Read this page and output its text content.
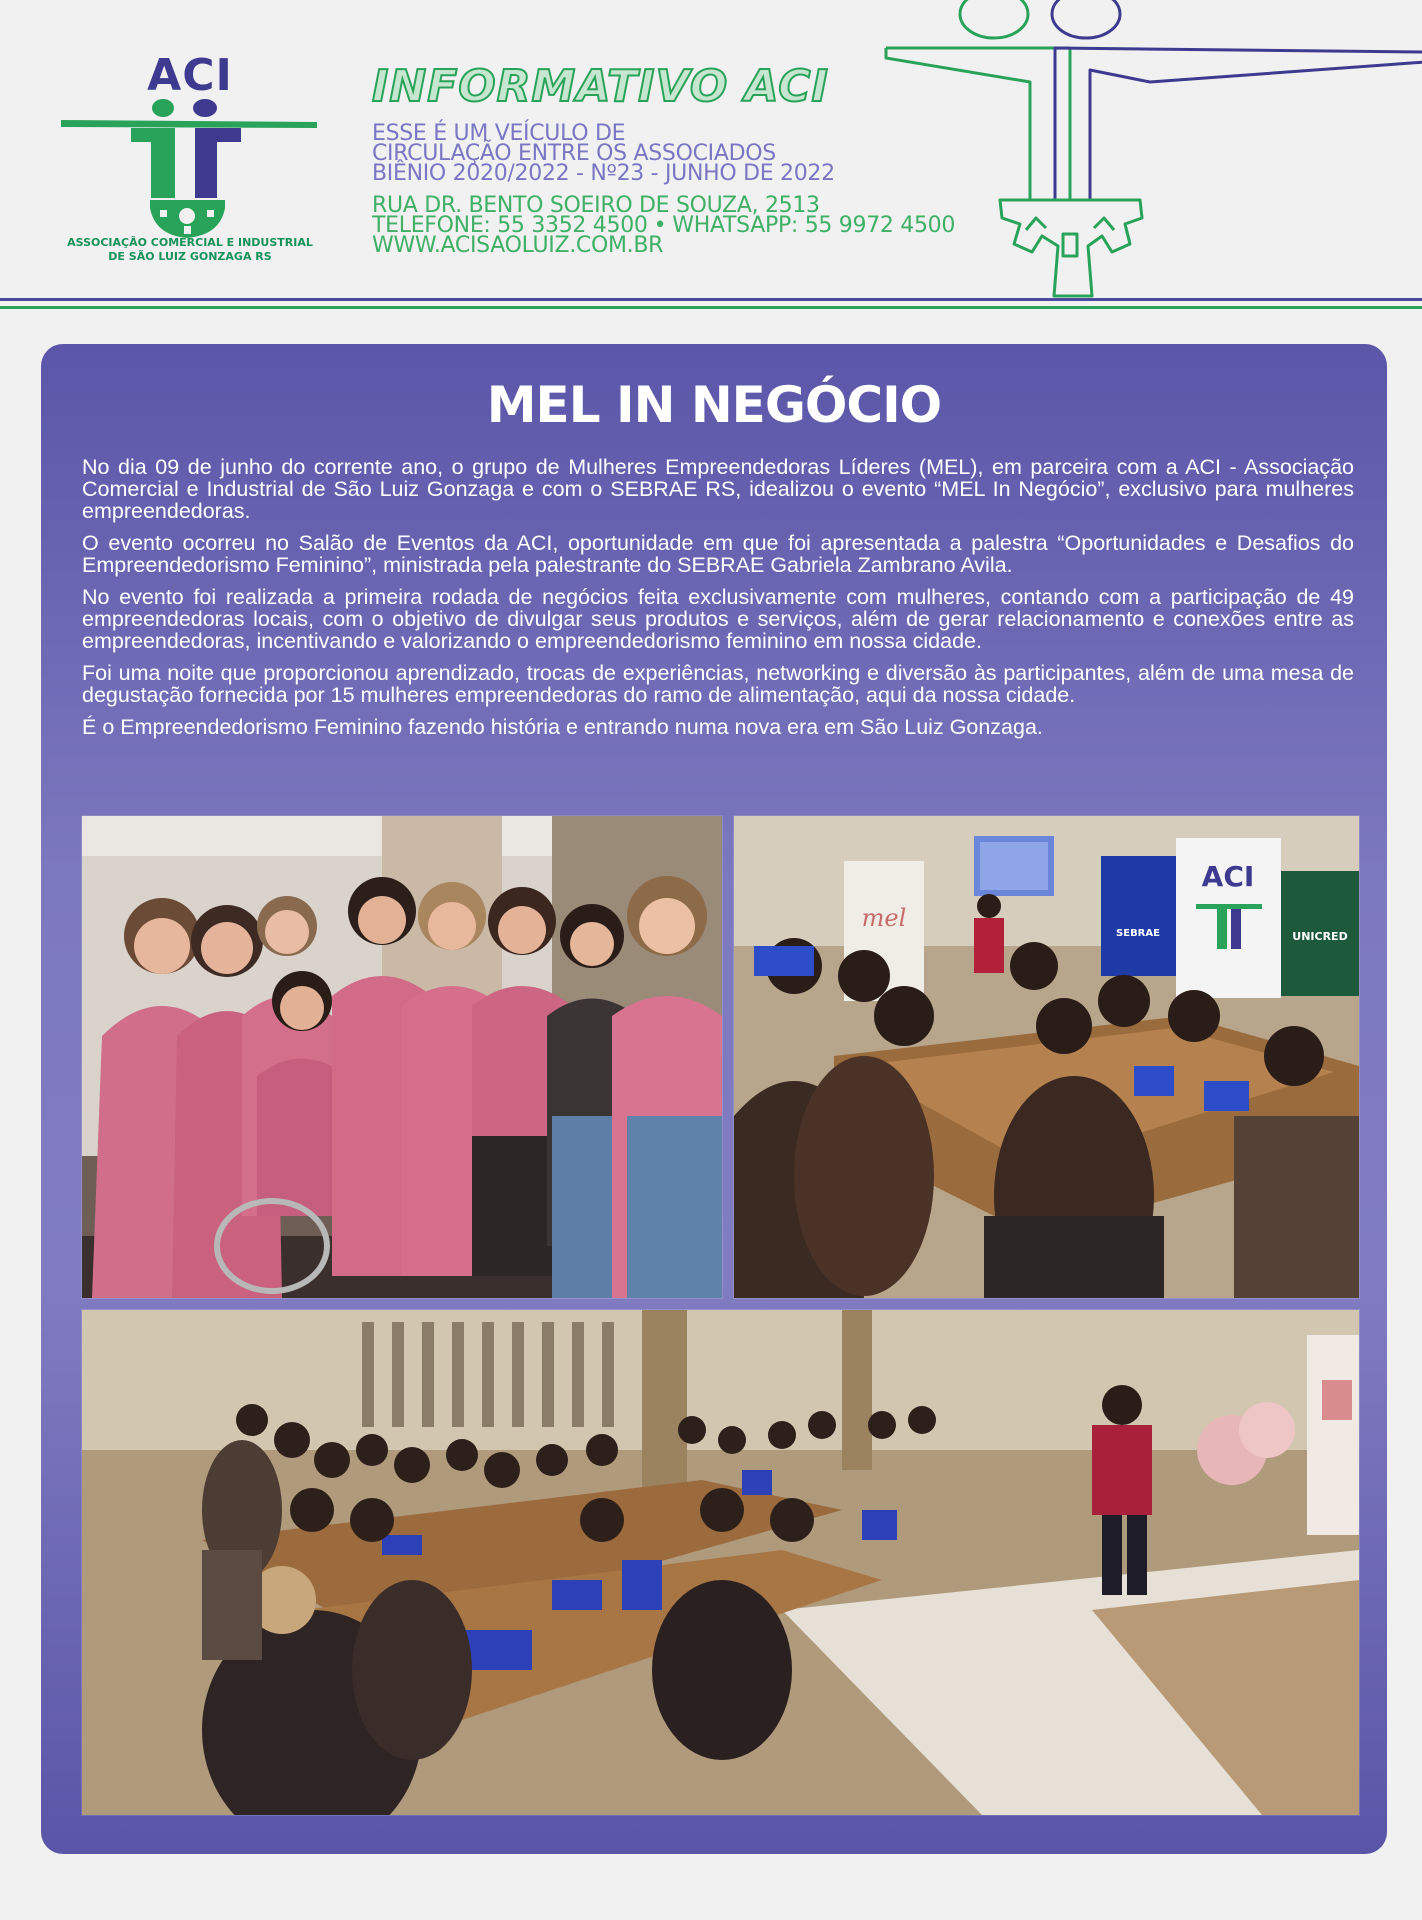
ACI
ASSOCIAÇÃO COMERCIAL E INDUSTRIAL
DE SÃO LUIZ GONZAGA RS
INFORMATIVO ACI
ESSE É UM VEÍCULO DE
CIRCULAÇÃO ENTRE OS ASSOCIADOS
BIÊNIO 2020/2022 - Nº23 - JUNHO DE 2022
RUA DR. BENTO SOEIRO DE SOUZA, 2513
TELEFONE: 55 3352 4500 • WHATSAPP: 55 9972 4500
WWW.ACISAOLUIZ.COM.BR
MEL IN NEGÓCIO

No dia 09 de junho do corrente ano, o grupo de Mulheres Empreendedoras Líderes (MEL), em parceira com a ACI - Associação Comercial e Industrial de São Luiz Gonzaga e com o SEBRAE RS, idealizou o evento “MEL In Negócio”, exclusivo para mulheres empreendedoras.

O evento ocorreu no Salão de Eventos da ACI, oportunidade em que foi apresentada a palestra “Oportunidades e Desafios do Empreendedorismo Feminino”, ministrada pela palestrante do SEBRAE Gabriela Zambrano Avila.

No evento foi realizada a primeira rodada de negócios feita exclusivamente com mulheres, contando com a participação de 49 empreendedoras locais, com o objetivo de divulgar seus produtos e serviços, além de gerar relacionamento e conexões entre as empreendedoras, incentivando e valorizando o empreendedorismo feminino em nossa cidade.

Foi uma noite que proporcionou aprendizado, trocas de experiências, networking e diversão às participantes, além de uma mesa de degustação fornecida por 15 mulheres empreendedoras do ramo de alimentação, aqui da nossa cidade.

É o Empreendedorismo Feminino fazendo história e entrando numa nova era em São Luiz Gonzaga.

mel
SEBRAE
ACI
UNICRED
